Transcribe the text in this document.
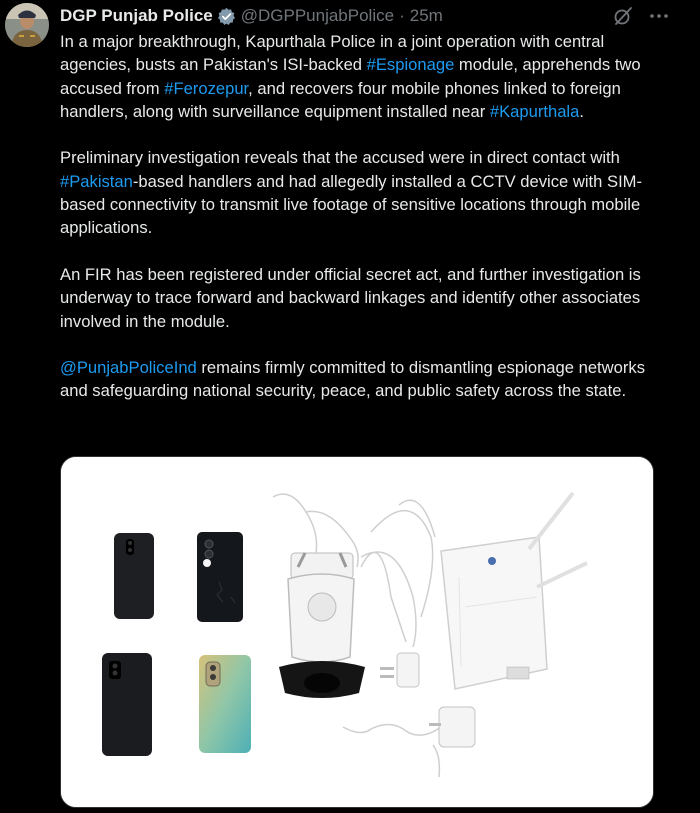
DGP Punjab Police @DGPPunjabPolice · 25m

In a major breakthrough, Kapurthala Police in a joint operation with central agencies, busts an Pakistan's ISI-backed #Espionage module, apprehends two accused from #Ferozepur, and recovers four mobile phones linked to foreign handlers, along with surveillance equipment installed near #Kapurthala.

Preliminary investigation reveals that the accused were in direct contact with #Pakistan-based handlers and had allegedly installed a CCTV device with SIM-based connectivity to transmit live footage of sensitive locations through mobile applications.

An FIR has been registered under official secret act, and further investigation is underway to trace forward and backward linkages and identify other associates involved in the module.

@PunjabPoliceInd remains firmly committed to dismantling espionage networks and safeguarding national security, peace, and public safety across the state.
